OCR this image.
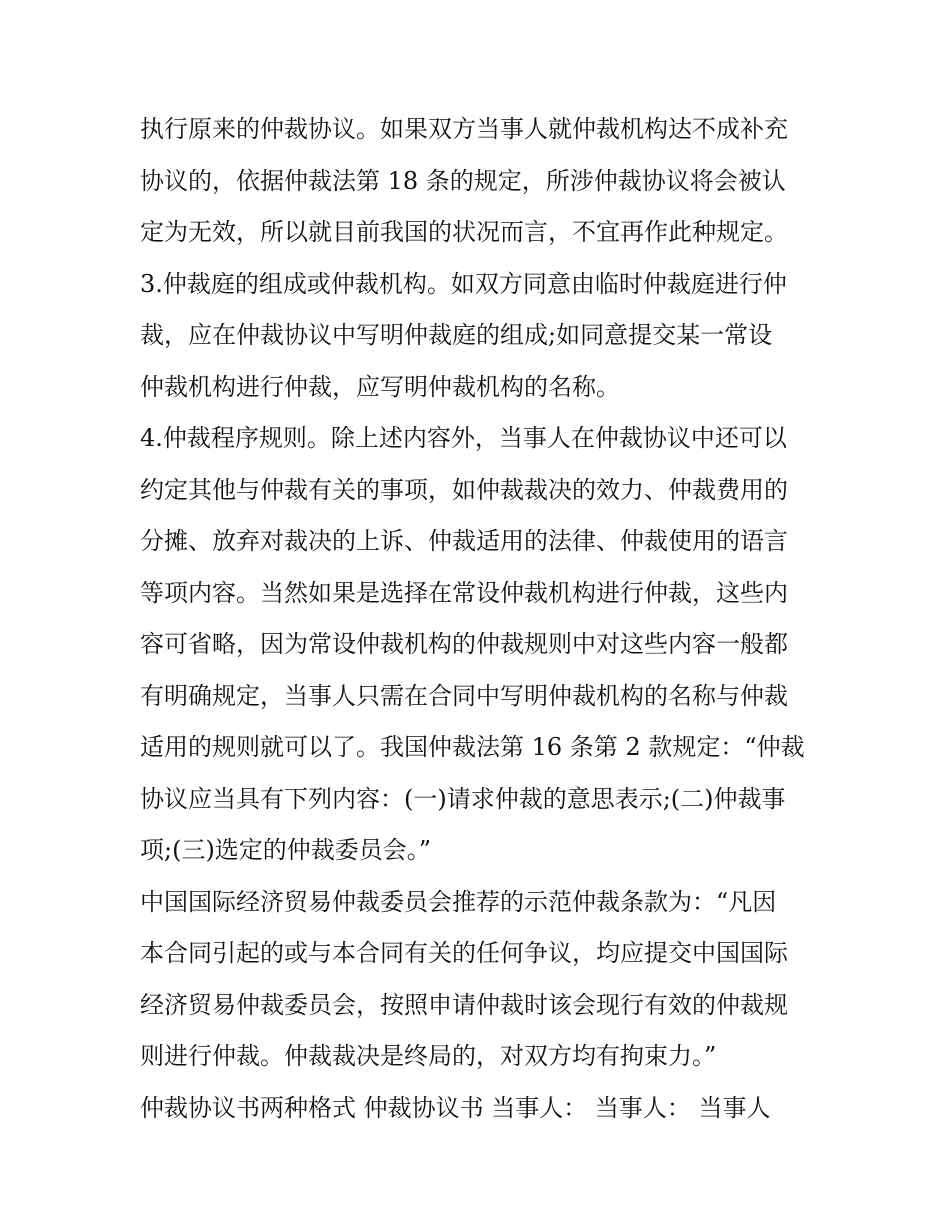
执行原来的仲裁协议。如果双方当事人就仲裁机构达不成补充
协议的，依据仲裁法第 18 条的规定，所涉仲裁协议将会被认
定为无效，所以就目前我国的状况而言，不宜再作此种规定。
3.仲裁庭的组成或仲裁机构。如双方同意由临时仲裁庭进行仲
裁，应在仲裁协议中写明仲裁庭的组成;如同意提交某一常设
仲裁机构进行仲裁，应写明仲裁机构的名称。
4.仲裁程序规则。除上述内容外，当事人在仲裁协议中还可以
约定其他与仲裁有关的事项，如仲裁裁决的效力、仲裁费用的
分摊、放弃对裁决的上诉、仲裁适用的法律、仲裁使用的语言
等项内容。当然如果是选择在常设仲裁机构进行仲裁，这些内
容可省略，因为常设仲裁机构的仲裁规则中对这些内容一般都
有明确规定，当事人只需在合同中写明仲裁机构的名称与仲裁
适用的规则就可以了。我国仲裁法第 16 条第 2 款规定：“仲裁
协议应当具有下列内容：(一)请求仲裁的意思表示;(二)仲裁事
项;(三)选定的仲裁委员会。”
中国国际经济贸易仲裁委员会推荐的示范仲裁条款为：“凡因
本合同引起的或与本合同有关的任何争议，均应提交中国国际
经济贸易仲裁委员会，按照申请仲裁时该会现行有效的仲裁规
则进行仲裁。仲裁裁决是终局的，对双方均有拘束力。”
仲裁协议书两种格式 仲裁协议书 当事人： 当事人： 当事人
